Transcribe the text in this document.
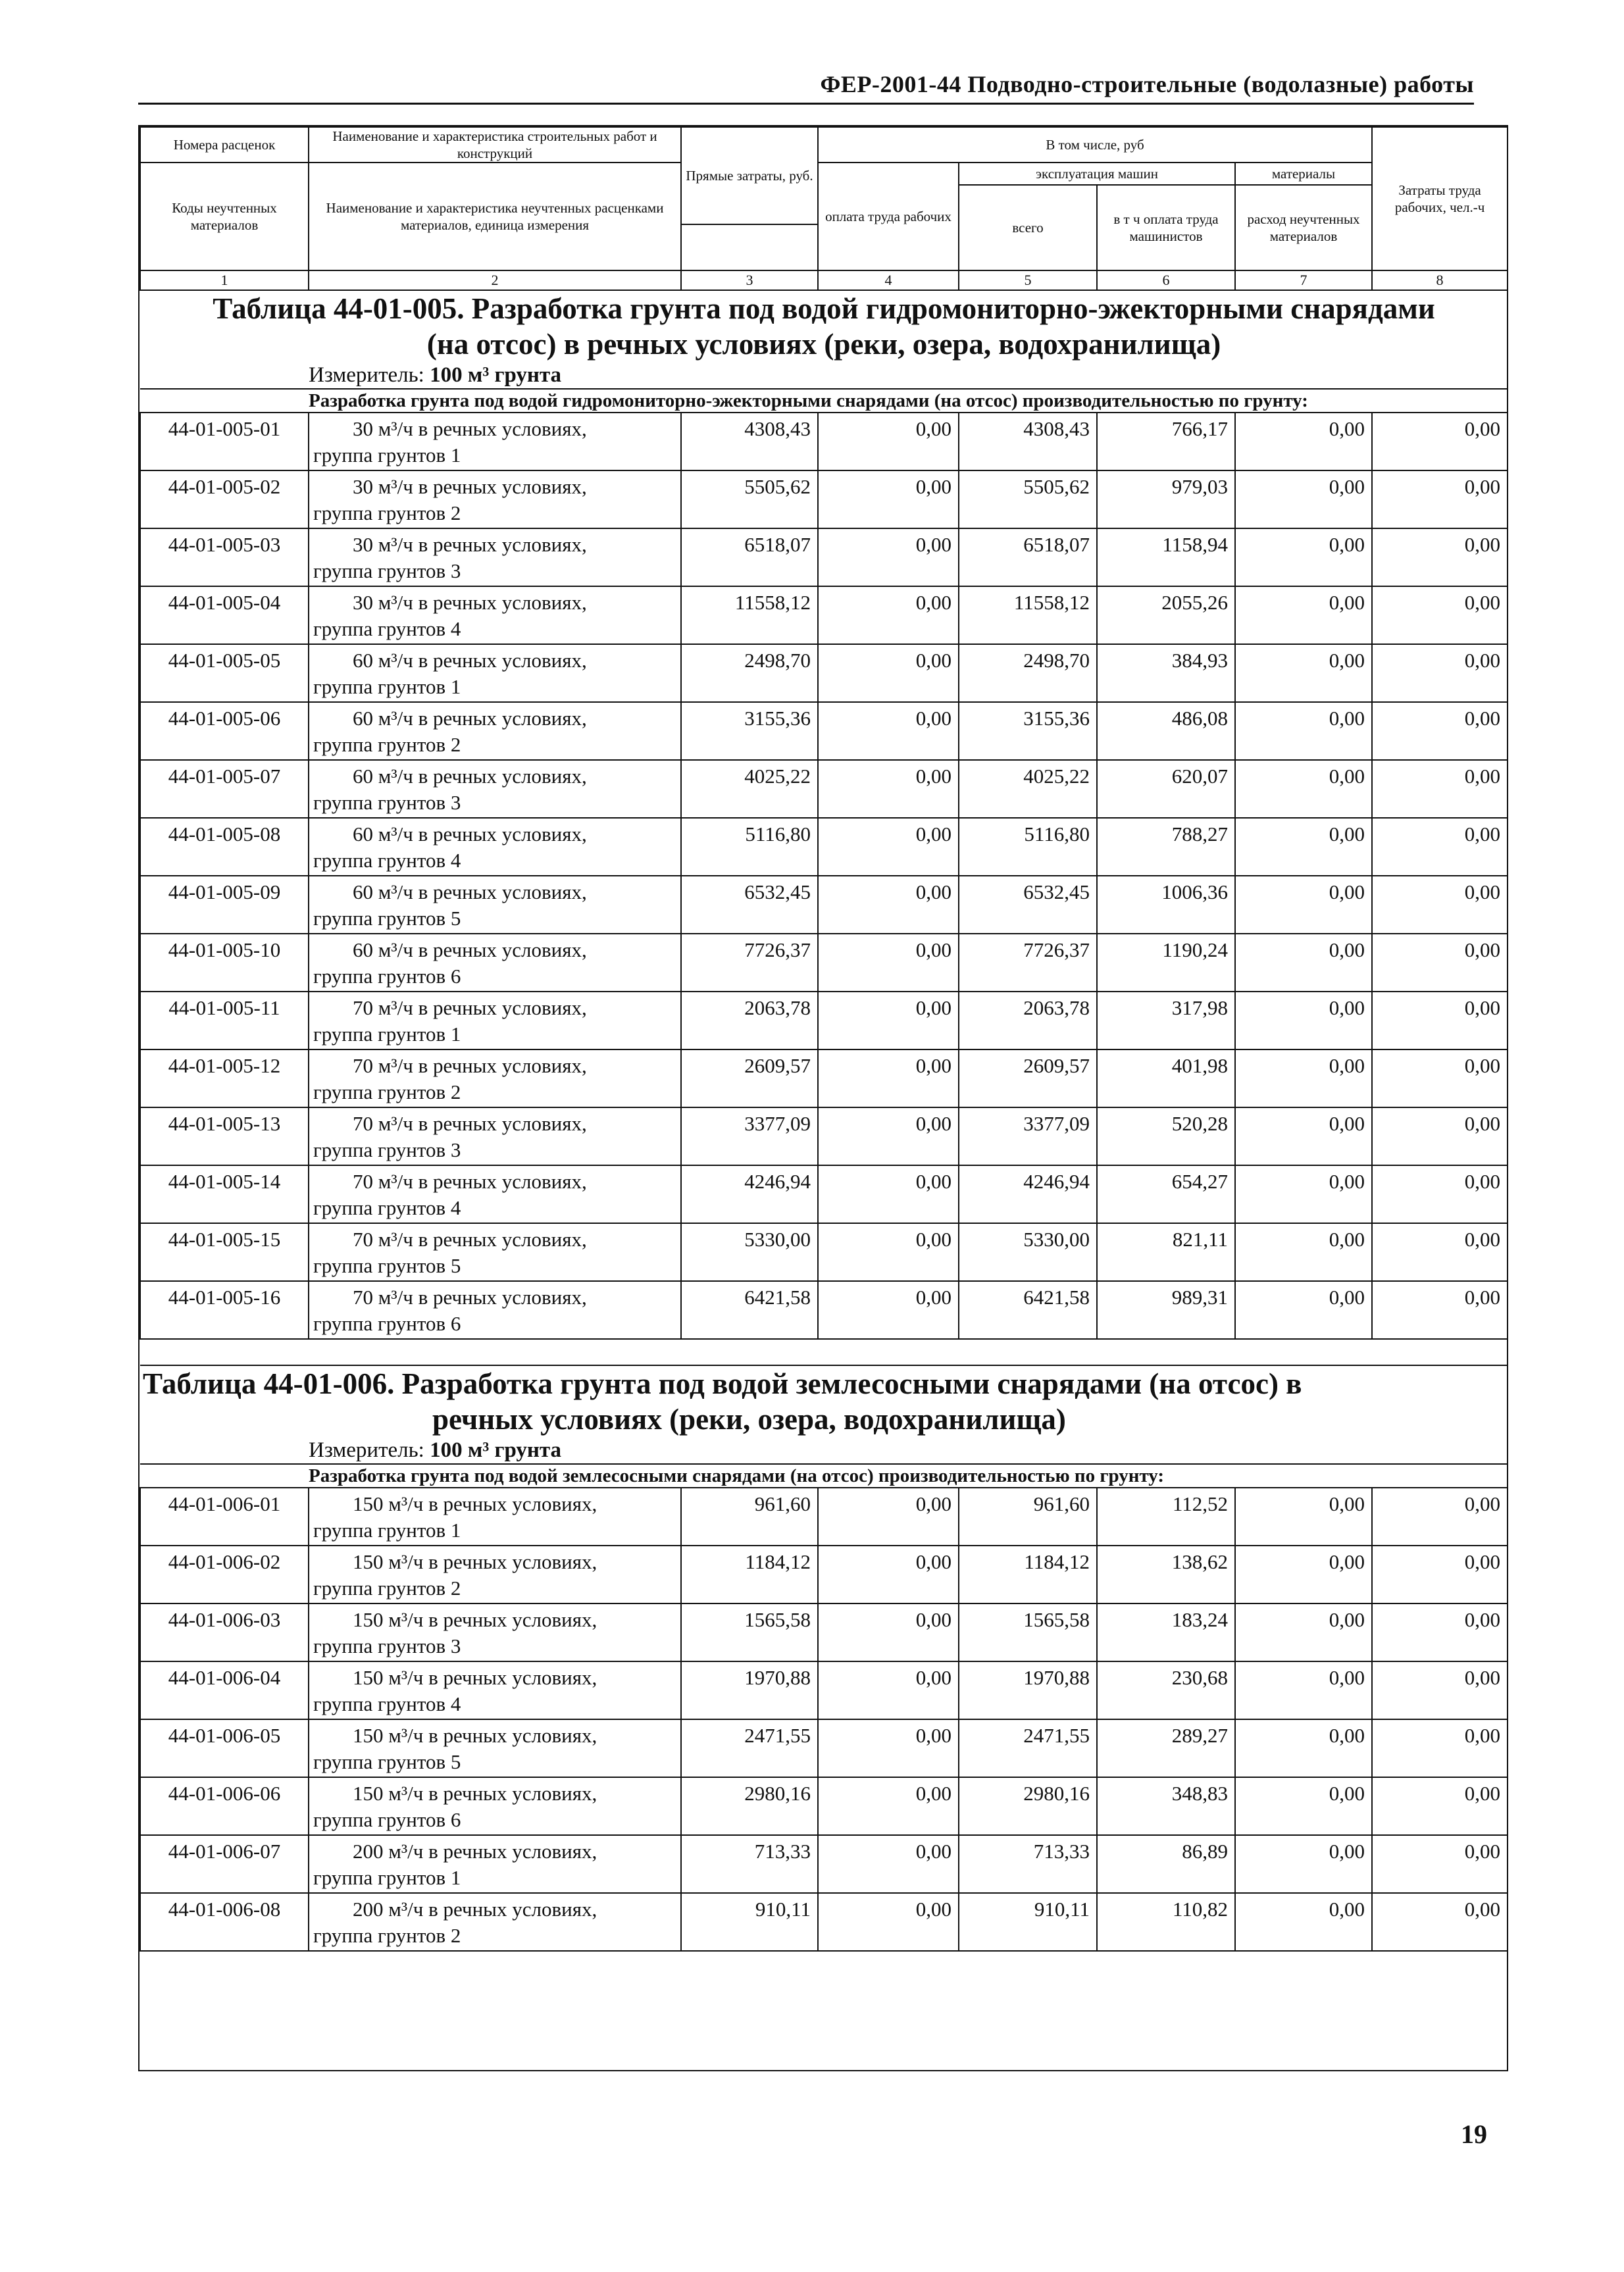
ФЕР-2001-44 Подводно-строительные (водолазные) работы
Номера расценок	Наименование и характеристика строительных работ и конструкций	Прямые затраты, руб.	В том числе, руб				Затраты труда рабочих, чел.-ч
Коды неучтенных материалов	Наименование и характеристика неучтенных расценками материалов, единица измерения		оплата труда рабочих	эксплуатация машин		материалы	
				всего	в т ч оплата труда машинистов	расход неучтенных материалов	

1	2	3	4	5	6	7	8
Таблица 44-01-005. Разработка грунта под водой гидромониторно-эжекторными снарядами
(на отсос) в речных условиях (реки, озера, водохранилища)							

	Измеритель: 100 м³ грунта						
	Разработка грунта под водой гидромониторно-эжекторными снарядами (на отсос) производительностью по грунту:						
44-01-005-01	30 м³/ч в речных условиях,
группа грунтов 1	4308,43	0,00	4308,43	766,17	0,00	0,00
44-01-005-02	30 м³/ч в речных условиях,
группа грунтов 2	5505,62	0,00	5505,62	979,03	0,00	0,00
44-01-005-03	30 м³/ч в речных условиях,
группа грунтов 3	6518,07	0,00	6518,07	1158,94	0,00	0,00
44-01-005-04	30 м³/ч в речных условиях,
группа грунтов 4	11558,12	0,00	11558,12	2055,26	0,00	0,00
44-01-005-05	60 м³/ч в речных условиях,
группа грунтов 1	2498,70	0,00	2498,70	384,93	0,00	0,00
44-01-005-06	60 м³/ч в речных условиях,
группа грунтов 2	3155,36	0,00	3155,36	486,08	0,00	0,00
44-01-005-07	60 м³/ч в речных условиях,
группа грунтов 3	4025,22	0,00	4025,22	620,07	0,00	0,00
44-01-005-08	60 м³/ч в речных условиях,
группа грунтов 4	5116,80	0,00	5116,80	788,27	0,00	0,00
44-01-005-09	60 м³/ч в речных условиях,
группа грунтов 5	6532,45	0,00	6532,45	1006,36	0,00	0,00
44-01-005-10	60 м³/ч в речных условиях,
группа грунтов 6	7726,37	0,00	7726,37	1190,24	0,00	0,00
44-01-005-11	70 м³/ч в речных условиях,
группа грунтов 1	2063,78	0,00	2063,78	317,98	0,00	0,00
44-01-005-12	70 м³/ч в речных условиях,
группа грунтов 2	2609,57	0,00	2609,57	401,98	0,00	0,00
44-01-005-13	70 м³/ч в речных условиях,
группа грунтов 3	3377,09	0,00	3377,09	520,28	0,00	0,00
44-01-005-14	70 м³/ч в речных условиях,
группа грунтов 4	4246,94	0,00	4246,94	654,27	0,00	0,00
44-01-005-15	70 м³/ч в речных условиях,
группа грунтов 5	5330,00	0,00	5330,00	821,11	0,00	0,00
44-01-005-16	70 м³/ч в речных условиях,
группа грунтов 6	6421,58	0,00	6421,58	989,31	0,00	0,00

Таблица 44-01-006. Разработка грунта под водой землесосными снарядами (на отсос) в
речных условиях (реки, озера, водохранилища)							

	Измеритель: 100 м³ грунта						
	Разработка грунта под водой землесосными снарядами (на отсос) производительностью по грунту:						
44-01-006-01	150 м³/ч в речных условиях,
группа грунтов 1	961,60	0,00	961,60	112,52	0,00	0,00
44-01-006-02	150 м³/ч в речных условиях,
группа грунтов 2	1184,12	0,00	1184,12	138,62	0,00	0,00
44-01-006-03	150 м³/ч в речных условиях,
группа грунтов 3	1565,58	0,00	1565,58	183,24	0,00	0,00
44-01-006-04	150 м³/ч в речных условиях,
группа грунтов 4	1970,88	0,00	1970,88	230,68	0,00	0,00
44-01-006-05	150 м³/ч в речных условиях,
группа грунтов 5	2471,55	0,00	2471,55	289,27	0,00	0,00
44-01-006-06	150 м³/ч в речных условиях,
группа грунтов 6	2980,16	0,00	2980,16	348,83	0,00	0,00
44-01-006-07	200 м³/ч в речных условиях,
группа грунтов 1	713,33	0,00	713,33	86,89	0,00	0,00
44-01-006-08	200 м³/ч в речных условиях,
группа грунтов 2	910,11	0,00	910,11	110,82	0,00	0,00
19
